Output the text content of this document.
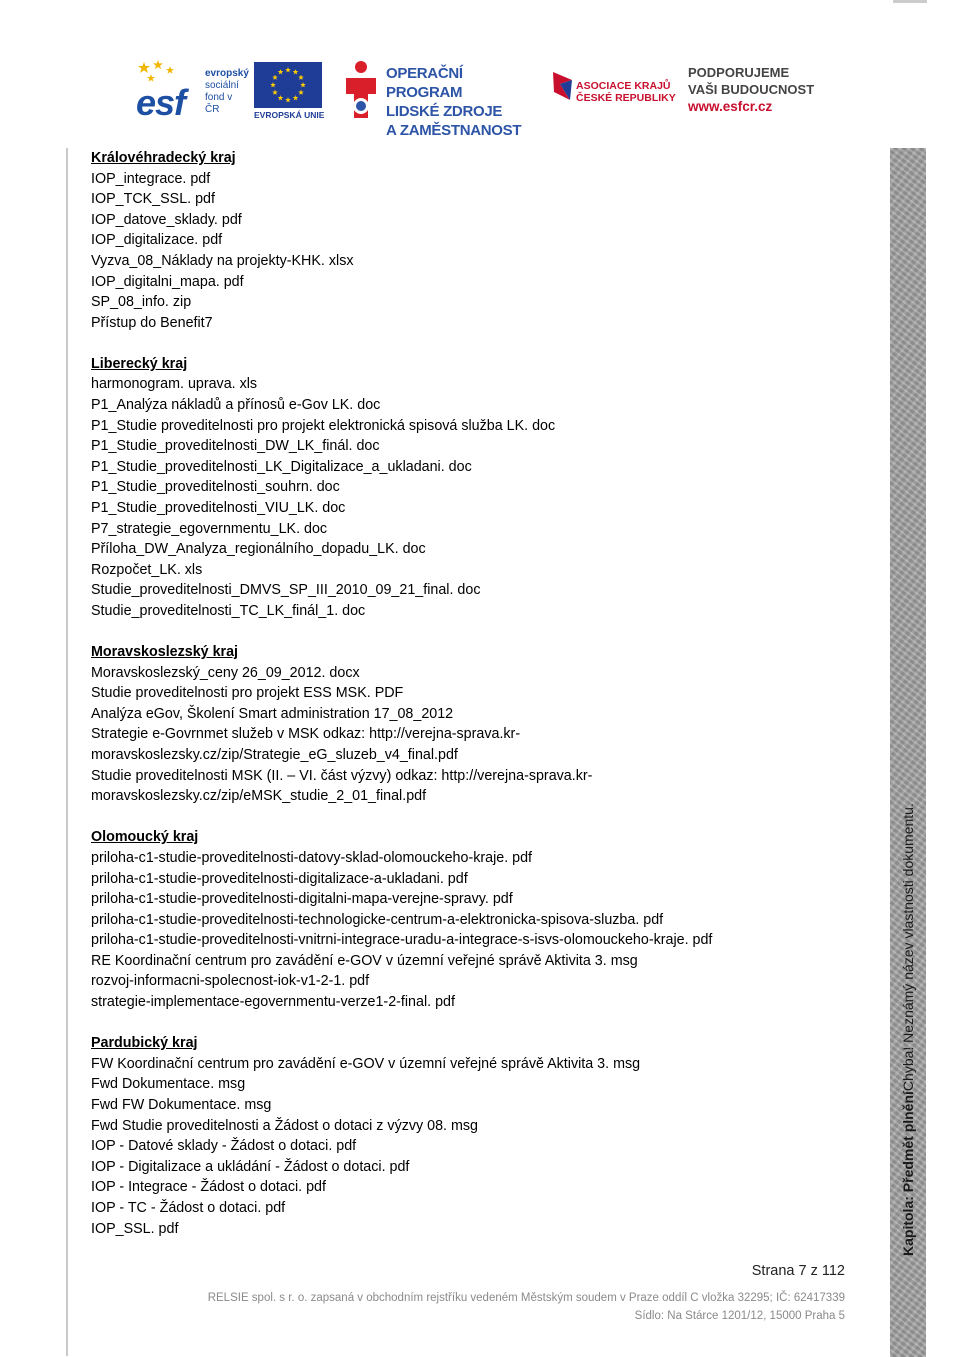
esf
evropský
sociální
fond v ČR	EVROPSKÁ UNIE
OPERAČNÍ PROGRAM
LIDSKÉ ZDROJE
A ZAMĚSTNANOST
ASOCIACE KRAJŮ
ČESKÉ REPUBLIKY
PODPORUJEME
VAŠI BUDOUCNOST
www.esfcr.cz
Kapitola: Předmět plněníChyba! Neznámý název vlastnosti dokumentu.
Královéhradecký kraj
IOP_integrace. pdf
IOP_TCK_SSL. pdf
IOP_datove_sklady. pdf
IOP_digitalizace. pdf
Vyzva_08_Náklady na projekty-KHK. xlsx
IOP_digitalni_mapa. pdf
SP_08_info. zip
Přístup do Benefit7
Liberecký kraj
harmonogram. uprava. xls
P1_Analýza nákladů a přínosů e-Gov LK. doc
P1_Studie proveditelnosti pro projekt elektronická spisová služba LK. doc
P1_Studie_proveditelnosti_DW_LK_finál. doc
P1_Studie_proveditelnosti_LK_Digitalizace_a_ukladani. doc
P1_Studie_proveditelnosti_souhrn. doc
P1_Studie_proveditelnosti_VIU_LK. doc
P7_strategie_egovernmentu_LK. doc
Příloha_DW_Analyza_regionálního_dopadu_LK. doc
Rozpočet_LK. xls
Studie_proveditelnosti_DMVS_SP_III_2010_09_21_final. doc
Studie_proveditelnosti_TC_LK_finál_1. doc
Moravskoslezský kraj
Moravskoslezský_ceny 26_09_2012. docx
Studie proveditelnosti pro projekt ESS MSK. PDF
Analýza eGov, Školení Smart administration 17_08_2012
Strategie e-Govrnmet služeb v MSK odkaz: http://verejna-sprava.kr-
moravskoslezsky.cz/zip/Strategie_eG_sluzeb_v4_final.pdf
Studie proveditelnosti MSK (II. – VI. část výzvy) odkaz: http://verejna-sprava.kr-
moravskoslezsky.cz/zip/eMSK_studie_2_01_final.pdf
Olomoucký kraj
priloha-c1-studie-proveditelnosti-datovy-sklad-olomouckeho-kraje. pdf
priloha-c1-studie-proveditelnosti-digitalizace-a-ukladani. pdf
priloha-c1-studie-proveditelnosti-digitalni-mapa-verejne-spravy. pdf
priloha-c1-studie-proveditelnosti-technologicke-centrum-a-elektronicka-spisova-sluzba. pdf
priloha-c1-studie-proveditelnosti-vnitrni-integrace-uradu-a-integrace-s-isvs-olomouckeho-kraje. pdf
RE Koordinační centrum pro zavádění e-GOV v územní veřejné správě Aktivita 3. msg
rozvoj-informacni-spolecnost-iok-v1-2-1. pdf
strategie-implementace-egovernmentu-verze1-2-final. pdf
Pardubický kraj
FW Koordinační centrum pro zavádění e-GOV v územní veřejné správě Aktivita 3. msg
Fwd Dokumentace. msg
Fwd FW Dokumentace. msg
Fwd Studie proveditelnosti a Žádost o dotaci z výzvy 08. msg
IOP - Datové sklady - Žádost o dotaci. pdf
IOP - Digitalizace a ukládání - Žádost o dotaci. pdf
IOP - Integrace - Žádost o dotaci. pdf
IOP - TC - Žádost o dotaci. pdf
IOP_SSL. pdf
Strana 7 z 112
RELSIE spol. s r. o. zapsaná v obchodním rejstříku vedeném Městským soudem v Praze oddíl C vložka 32295; IČ: 62417339
Sídlo: Na Stárce 1201/12, 15000 Praha 5
